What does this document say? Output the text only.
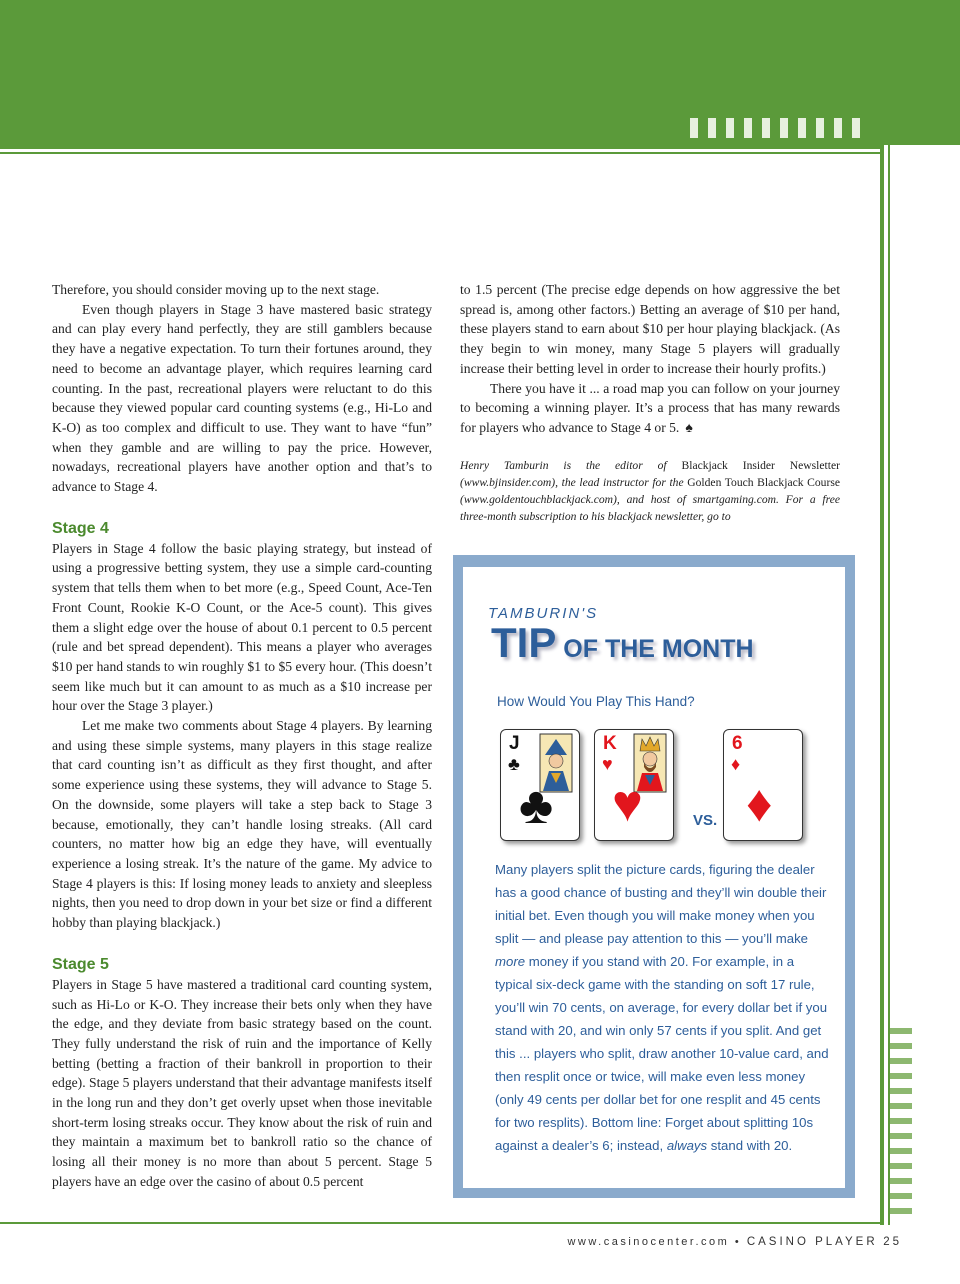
Therefore, you should consider moving up to the next stage.

Even though players in Stage 3 have mastered basic strategy and can play every hand perfectly, they are still gamblers because they have a negative expectation. To turn their fortunes around, they need to become an advantage player, which requires learning card counting. In the past, recreational players were reluctant to do this because they viewed popular card counting systems (e.g., Hi-Lo and K-O) as too complex and difficult to use. They want to have “fun” when they gamble and are willing to pay the price. However, nowadays, recreational players have another option and that’s to advance to Stage 4.

Stage 4

Players in Stage 4 follow the basic playing strategy, but instead of using a progressive betting system, they use a simple card-counting system that tells them when to bet more (e.g., Speed Count, Ace-Ten Front Count, Rookie K-O Count, or the Ace-5 count). This gives them a slight edge over the house of about 0.1 percent to 0.5 percent (rule and bet spread dependent). This means a player who averages $10 per hand stands to win roughly $1 to $5 every hour. (This doesn’t seem like much but it can amount to as much as a $10 increase per hour over the Stage 3 player.)

Let me make two comments about Stage 4 players. By learning and using these simple systems, many players in this stage realize that card counting isn’t as difficult as they first thought, and after some experience using these systems, they will advance to Stage 5. On the downside, some players will take a step back to Stage 3 because, emotionally, they can’t handle losing streaks. (All card counters, no matter how big an edge they have, will eventually experience a losing streak. It’s the nature of the game. My advice to Stage 4 players is this: If losing money leads to anxiety and sleepless nights, then you need to drop down in your bet size or find a different hobby than playing blackjack.)

Stage 5

Players in Stage 5 have mastered a traditional card counting system, such as Hi-Lo or K-O. They increase their bets only when they have the edge, and they deviate from basic strategy based on the count. They fully understand the risk of ruin and the importance of Kelly betting (betting a fraction of their bankroll in proportion to their edge). Stage 5 players understand that their advantage manifests itself in the long run and they don’t get overly upset when those inevitable short-term losing streaks occur. They know about the risk of ruin and they maintain a maximum bet to bankroll ratio so the chance of losing all their money is no more than about 5 percent. Stage 5 players have an edge over the casino of about 0.5 percent

to 1.5 percent (The precise edge depends on how aggressive the bet spread is, among other factors.) Betting an average of $10 per hand, these players stand to earn about $10 per hour playing blackjack. (As they begin to win money, many Stage 5 players will gradually increase their betting level in order to increase their hourly profits.)

There you have it ... a road map you can follow on your journey to becoming a winning player. It’s a process that has many rewards for players who advance to Stage 4 or 5. ♠

Henry Tamburin is the editor of Blackjack Insider Newsletter (www.bjinsider.com), the lead instructor for the Golden Touch Blackjack Course (www.goldentouchblackjack.com), and host of smartgaming.com. For a free three-month subscription to his blackjack newsletter, go to

TAMBURIN'S
TIP OF THE MONTH
How Would You Play This Hand?
J
♣
♣
K
♥
♥	VS.
6
♦
♦
Many players split the picture cards, figuring the dealer has a good chance of busting and they’ll win double their initial bet. Even though you will make money when you split — and please pay attention to this — you’ll make more money if you stand with 20. For example, in a typical six-deck game with the standing on soft 17 rule, you’ll win 70 cents, on average, for every dollar bet if you stand with 20, and win only 57 cents if you split. And get this ... players who split, draw another 10-value card, and then resplit once or twice, will make even less money (only 49 cents per dollar bet for one resplit and 45 cents for two resplits). Bottom line: Forget about splitting 10s against a dealer’s 6; instead, always stand with 20.
www.casinocenter.com • CASINO PLAYER 25
